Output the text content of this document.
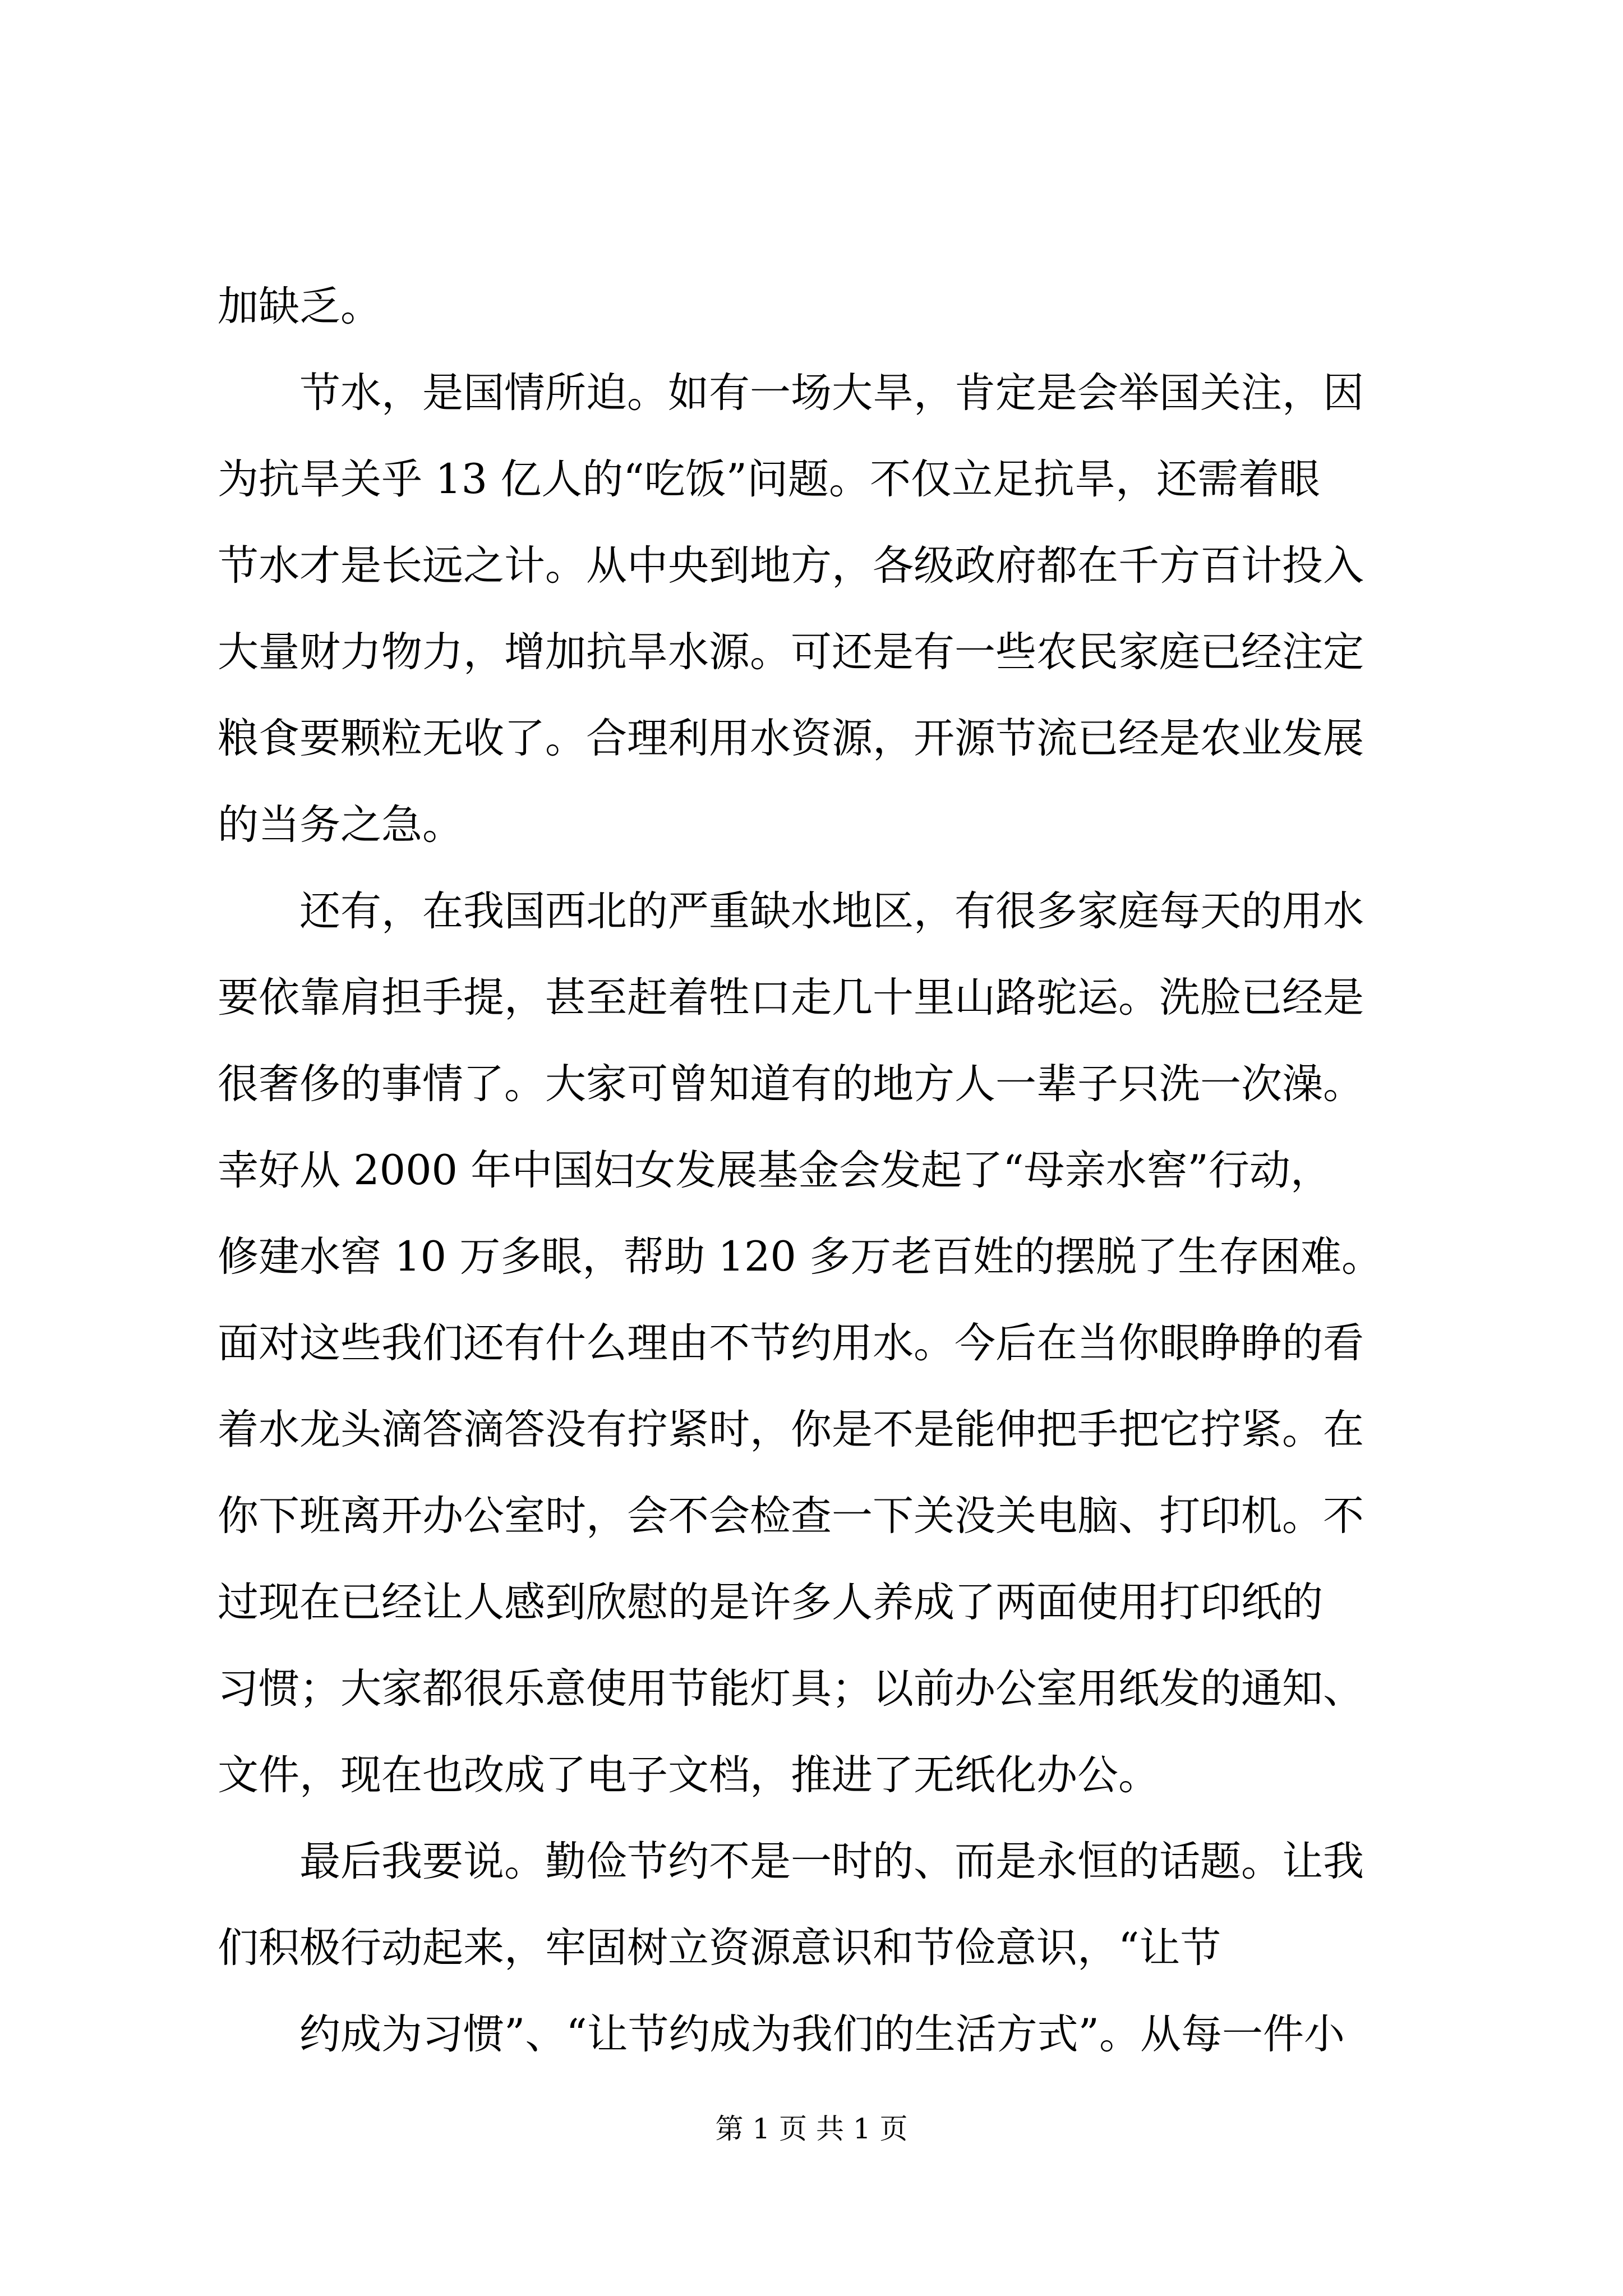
加缺乏。
节水，是国情所迫。如有一场大旱，肯定是会举国关注，因
为抗旱关乎 13 亿人的“吃饭”问题。不仅立足抗旱，还需着眼
节水才是长远之计。从中央到地方，各级政府都在千方百计投入
大量财力物力，增加抗旱水源。可还是有一些农民家庭已经注定
粮食要颗粒无收了。合理利用水资源，开源节流已经是农业发展
的当务之急。
还有，在我国西北的严重缺水地区，有很多家庭每天的用水
要依靠肩担手提，甚至赶着牲口走几十里山路驼运。洗脸已经是
很奢侈的事情了。大家可曾知道有的地方人一辈子只洗一次澡。
幸好从 2000 年中国妇女发展基金会发起了“母亲水窖”行动，
修建水窖 10 万多眼，帮助 120 多万老百姓的摆脱了生存困难。
面对这些我们还有什么理由不节约用水。今后在当你眼睁睁的看
着水龙头滴答滴答没有拧紧时，你是不是能伸把手把它拧紧。在
你下班离开办公室时，会不会检查一下关没关电脑、打印机。不
过现在已经让人感到欣慰的是许多人养成了两面使用打印纸的
习惯；大家都很乐意使用节能灯具；以前办公室用纸发的通知、
文件，现在也改成了电子文档，推进了无纸化办公。
最后我要说。勤俭节约不是一时的、而是永恒的话题。让我
们积极行动起来，牢固树立资源意识和节俭意识，“让节
约成为习惯”、“让节约成为我们的生活方式”。从每一件小
第 1 页 共 1 页
